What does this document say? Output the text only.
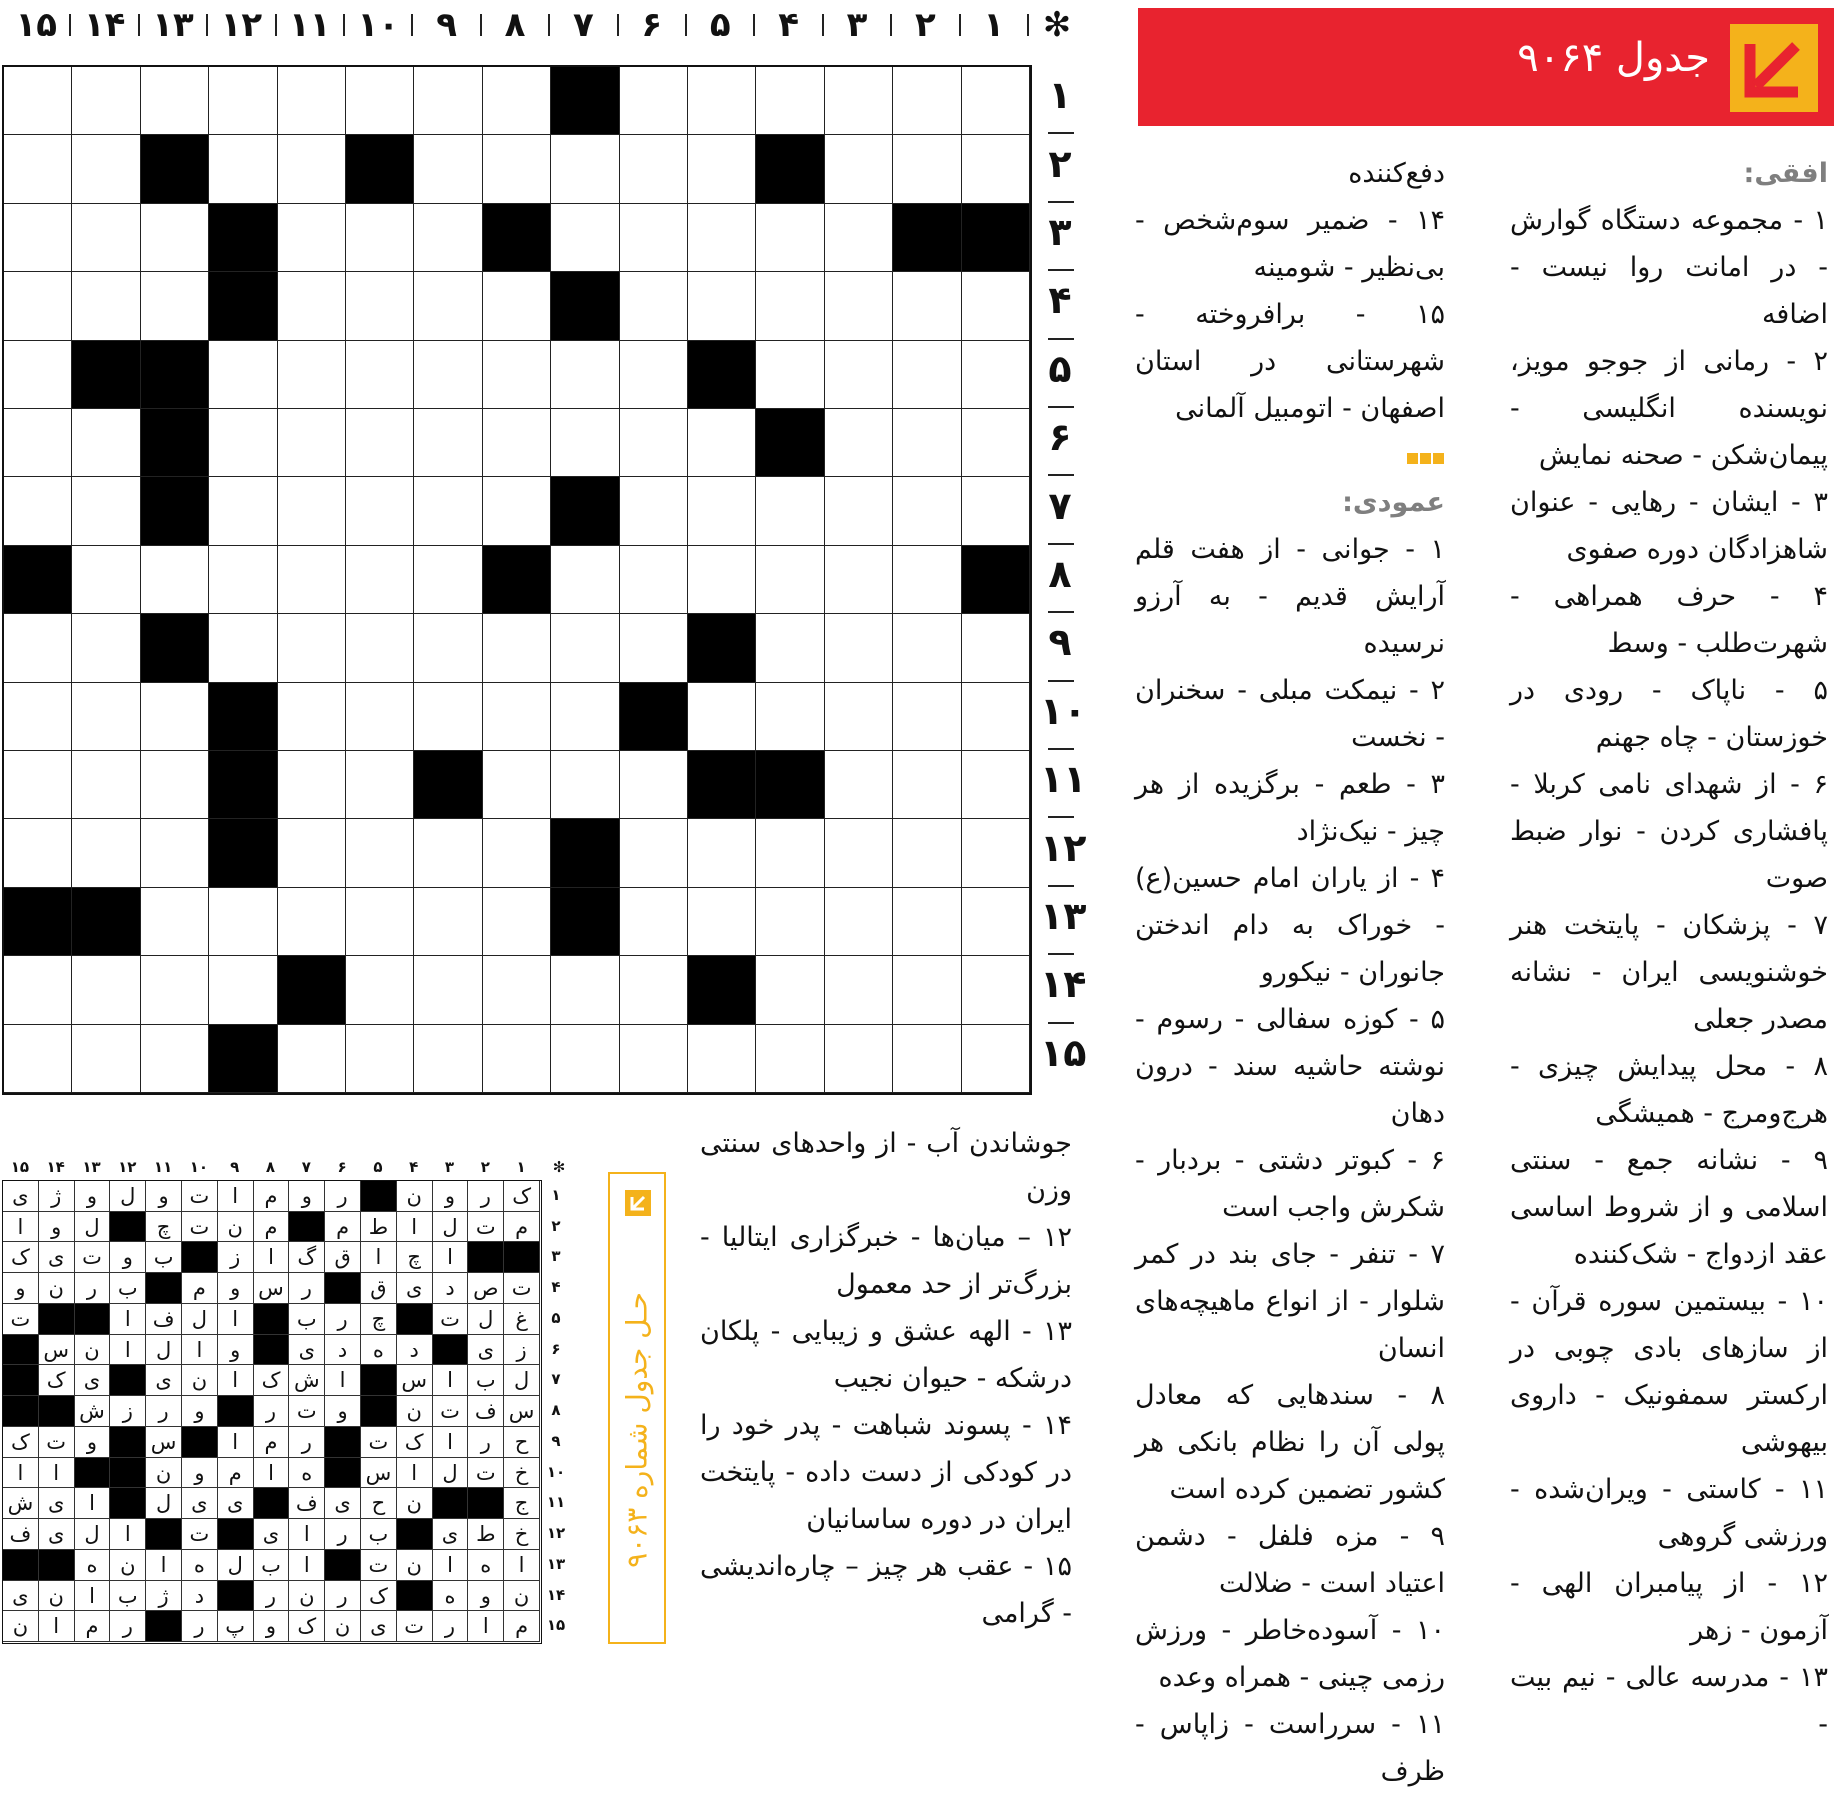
✻
۱
۲
۳
۴
۵
۶
۷
۸
۹
۱۰
۱۱
۱۲
۱۳
۱۴
۱۵
۱
۲
۳
۴
۵
۶
۷
۸
۹
۱۰
۱۱
۱۲
۱۳
۱۴
۱۵
جدول ۹۰۶۴

افقی:

۱ - مجموعه دستگاه گوارش - در امانت روا نیست - اضافه

۲ - رمانی از جوجو مویز، نویسنده انگلیسی - پیمان‌شکن - صحنه نمایش

۳ - ایشان - رهایی - عنوان شاهزادگان دوره صفوی

۴ - حرف همراهی - شهرت‌طلب - وسط

۵ - ناپاک - رودی در خوزستان - چاه جهنم

۶ - از شهدای نامی کربلا - پافشاری کردن - نوار ضبط صوت

۷ - پزشکان - پایتخت هنر خوشنویسی ایران - نشانه مصدر جعلی

۸ - محل پیدایش چیزی - هرج‌ومرج - همیشگی

۹ - نشانه جمع - سنتی اسلامی و از شروط اساسی عقد ازدواج - شک‌کننده

۱۰ - بیستمین سوره قرآن - از سازهای بادی چوبی در ارکستر سمفونیک - داروی بیهوشی

۱۱ - کاستی - ویران‌شده - ورزشی گروهی

۱۲ - از پیامبران الهی - آزمون - زهر

۱۳ - مدرسه عالی - نیم بیت -

دفع‌کننده

۱۴ - ضمیر سوم‌شخص - بی‌نظیر - شومینه

۱۵ - برافروخته - شهرستانی در استان اصفهان - اتومبیل آلمانی

عمودی:

۱ - جوانی - از هفت قلم آرایش قدیم - به آرزو نرسیده

۲ - نیمکت مبلی - سخنران - نخست

۳ - طعم - برگزیده از هر چیز - نیک‌نژاد

۴ - از یاران امام حسین(ع) - خوراک به دام اندختن جانوران - نیکورو

۵ - کوزه سفالی - رسوم - نوشته حاشیه سند - درون دهان

۶ - کبوتر دشتی - بردبار - شکرش واجب است

۷ - تنفر - جای بند در کمر شلوار - از انواع ماهیچه‌های انسان

۸ - سندهایی که معادل پولی آن را نظام بانکی هر کشور تضمین کرده است

۹ - مزه فلفل - دشمن اعتیاد است - ضلالت

۱۰ - آسوده‌خاطر - ورزش رزمی چینی - همراه وعده

۱۱ - سرراست - زاپاس - ظرف

جوشاندن آب - از واحدهای سنتی وزن

۱۲ – میان‌ها - خبرگزاری ایتالیا - بزرگ‌تر از حد معمول

۱۳ - الهه عشق و زیبایی - پلکان درشکه - حیوان نجیب

۱۴ - پسوند شباهت - پدر خود را در کودکی از دست داده - پایتخت ایران در دوره ساسانیان

۱۵ - عقب هر چیز – چاره‌اندیشی - گرامی

حـل جدول شماره ۹۰۶۳
✻
۱
۲
۳
۴
۵
۶
۷
۸
۹
۱۰
۱۱
۱۲
۱۳
۱۴
۱۵
ک
ر
و
ن
ر
و
م
ا
ت
و
ل
و
ژ
ی
م
ت
ل
ا
ط
م
م
ن
ت
چ
ل
و
ا
ا
چ
ا
ق
گ
ا
ز
ب
و
ت
ی
ک
ت
ص
د
ی
ق
ر
س
و
م
ب
ر
ن
و
غ
ل
ت
چ
ر
ب
ا
ل
ف
ا
ت
ز
ی
د
ه
د
ی
و
ا
ل
ا
ن
س
ل
ب
ا
س
ا
ش
ک
ا
ن
ی
ی
ک
س
ف
ت
ن
و
ت
ر
و
ر
ز
ش
ح
ر
ا
ک
ت
ر
م
ا
س
و
ت
ک
خ
ت
ل
ا
س
ه
ا
م
و
ن
ا
ا
ج
ن
ح
ی
ف
ی
ی
ل
ا
ی
ش
خ
ط
ی
ب
ر
ا
ی
ت
ا
ل
ی
ف
ا
ه
ا
ن
ت
ا
ب
ل
ه
ا
ن
ه
ن
و
ه
ک
ر
ن
ر
د
ژ
ب
ا
ن
ی
م
ا
ر
ت
ی
ن
ک
و
پ
ر
ر
م
ا
ن
۱
۲
۳
۴
۵
۶
۷
۸
۹
۱۰
۱۱
۱۲
۱۳
۱۴
۱۵
